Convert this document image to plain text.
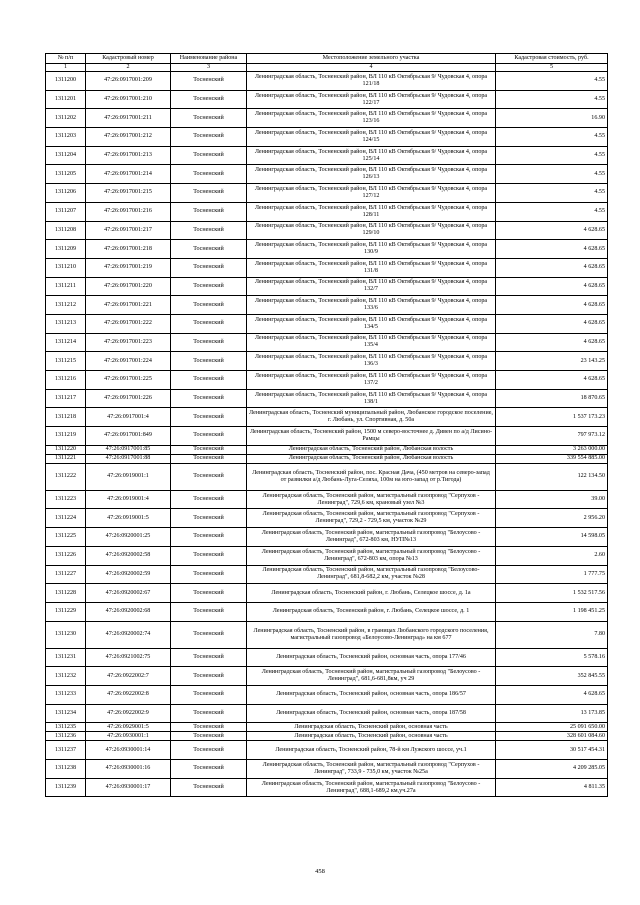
№ п/п	Кадастровый номер	Наименование района	Местоположение земельного участка	Кадастровая стоимость, руб.
1	2	3	4	5
1311200	47:26:0917001:209	Тосненский	Ленинградская область, Тосненский район, ВЛ 110 кВ Октябрьская 9/ Чудовская 4, опора 121/18	4.55
1311201	47:26:0917001:210	Тосненский	Ленинградская область, Тосненский район, ВЛ 110 кВ Октябрьская 9/ Чудовская 4, опора 122/17	4.55
1311202	47:26:0917001:211	Тосненский	Ленинградская область, Тосненский район, ВЛ 110 кВ Октябрьская 9/ Чудовская 4, опора 123/16	16.90
1311203	47:26:0917001:212	Тосненский	Ленинградская область, Тосненский район, ВЛ 110 кВ Октябрьская 9/ Чудовская 4, опора 124/15	4.55
1311204	47:26:0917001:213	Тосненский	Ленинградская область, Тосненский район, ВЛ 110 кВ Октябрьская 9/ Чудовская 4, опора 125/14	4.55
1311205	47:26:0917001:214	Тосненский	Ленинградская область, Тосненский район, ВЛ 110 кВ Октябрьская 9/ Чудовская 4, опора 126/13	4.55
1311206	47:26:0917001:215	Тосненский	Ленинградская область, Тосненский район, ВЛ 110 кВ Октябрьская 9/ Чудовская 4, опора 127/12	4.55
1311207	47:26:0917001:216	Тосненский	Ленинградская область, Тосненский район, ВЛ 110 кВ Октябрьская 9/ Чудовская 4, опора 128/11	4.55
1311208	47:26:0917001:217	Тосненский	Ленинградская область, Тосненский район, ВЛ 110 кВ Октябрьская 9/ Чудовская 4, опора 129/10	4 628.65
1311209	47:26:0917001:218	Тосненский	Ленинградская область, Тосненский район, ВЛ 110 кВ Октябрьская 9/ Чудовская 4, опора 130/9	4 628.65
1311210	47:26:0917001:219	Тосненский	Ленинградская область, Тосненский район, ВЛ 110 кВ Октябрьская 9/ Чудовская 4, опора 131/8	4 628.65
1311211	47:26:0917001:220	Тосненский	Ленинградская область, Тосненский район, ВЛ 110 кВ Октябрьская 9/ Чудовская 4, опора 132/7	4 628.65
1311212	47:26:0917001:221	Тосненский	Ленинградская область, Тосненский район, ВЛ 110 кВ Октябрьская 9/ Чудовская 4, опора 133/6	4 628.65
1311213	47:26:0917001:222	Тосненский	Ленинградская область, Тосненский район, ВЛ 110 кВ Октябрьская 9/ Чудовская 4, опора 134/5	4 628.65
1311214	47:26:0917001:223	Тосненский	Ленинградская область, Тосненский район, ВЛ 110 кВ Октябрьская 9/ Чудовская 4, опора 135/4	4 628.65
1311215	47:26:0917001:224	Тосненский	Ленинградская область, Тосненский район, ВЛ 110 кВ Октябрьская 9/ Чудовская 4, опора 136/3	23 143.25
1311216	47:26:0917001:225	Тосненский	Ленинградская область, Тосненский район, ВЛ 110 кВ Октябрьская 9/ Чудовская 4, опора 137/2	4 628.65
1311217	47:26:0917001:226	Тосненский	Ленинградская область, Тосненский район, ВЛ 110 кВ Октябрьская 9/ Чудовская 4, опора 138/1	18 870.65
1311218	47:26:0917001:4	Тосненский	Ленинградская область, Тосненский муниципальный район, Любанское городское поселение, г. Любань, ул. Спортивная, д. 50а	1 537 173.23
1311219	47:26:0917001:849	Тосненский	Ленинградская область, Тосненский район, 1500 м северо-восточнее д. Дивен по а/д Лисино-Рамцы	797 973.12
1311220	47:26:0917001:85	Тосненский	Ленинградская область, Тосненский район, Любанская волость	3 263 000.00
1311221	47:26:0917001:88	Тосненский	Ленинградская область, Тосненский район, Любанская волость	339 554 885.00
1311222	47:26:0919001:1	Тосненский	Ленинградская область, Тосненский район, пос. Красная Дача, (450 метров на северо-запад от развилки а/д Любань-Луга-Селяха, 100м на юго-запад от р.Тигода)	122 134.50
1311223	47:26:0919001:4	Тосненский	Ленинградская область, Тосненский район, магистральный газопровод "Серпухов - Ленинград", 729,6 км, крановый узел №3	39.00
1311224	47:26:0919001:5	Тосненский	Ленинградская область, Тосненский район, магистральный газопровод "Серпухов - Ленинград", 729,2 - 729,5 км, участок №29	2 956.20
1311225	47:26:0920001:25	Тосненский	Ленинградская область, Тосненский район, магистральный газопровод "Белоусово - Ленинград", 672-803 км, НУП№13	14 598.05
1311226	47:26:0920002:58	Тосненский	Ленинградская область, Тосненский район, магистральный газопровод "Белоусово - Ленинград", 672-803 км, опора №13	2.60
1311227	47:26:0920002:59	Тосненский	Ленинградская область, Тосненский район, магистральный газопровод "Белоусово-Ленинград", 681,8-682,2 км, участок №28	1 777.75
1311228	47:26:0920002:67	Тосненский	Ленинградская область, Тосненский район, г. Любань, Селецкое шоссе, д. 1а	1 532 517.56
1311229	47:26:0920002:68	Тосненский	Ленинградская область, Тосненский район, г. Любань, Селецкое шоссе, д. 1	1 198 451.25
1311230	47:26:0920002:74	Тосненский	Ленинградская область, Тосненский район, в границах Любанского городского поселения, магистральный газопровод «Белоусово-Ленинград» на км 677	7.80
1311231	47:26:0921002:75	Тосненский	Ленинградская область, Тосненский район, основная часть, опора 177/46	5 578.16
1311232	47:26:0922002:7	Тосненский	Ленинградская область, Тосненский район, магистральный газопровод "Белоусово - Ленинград", 681,6-681,8км, уч 29	352 845.55
1311233	47:26:0922002:8	Тосненский	Ленинградская область, Тосненский район, основная часть, опора 186/57	4 628.65
1311234	47:26:0922002:9	Тосненский	Ленинградская область, Тосненский район, основная часть, опора 187/58	13 173.85
1311235	47:26:0929001:5	Тосненский	Ленинградская область, Тосненский район, основная часть	25 091 650.00
1311236	47:26:0930001:1	Тосненский	Ленинградская область, Тосненский район, основная часть	328 601 084.60
1311237	47:26:0930001:14	Тосненский	Ленинградская область, Тосненский район, 78-й км Лужского шоссе, уч.1	30 517 454.31
1311238	47:26:0930001:16	Тосненский	Ленинградская область, Тосненский район, магистральный газопровод "Серпухов - Ленинград", 733,9 - 735,0 км, участок №25а	4 209 285.05
1311239	47:26:0930001:17	Тосненский	Ленинградская область, Тосненский район, магистральный газопровод "Белоусово - Ленинград", 688,1-689,2 км,уч.27а	4 811.35
458
